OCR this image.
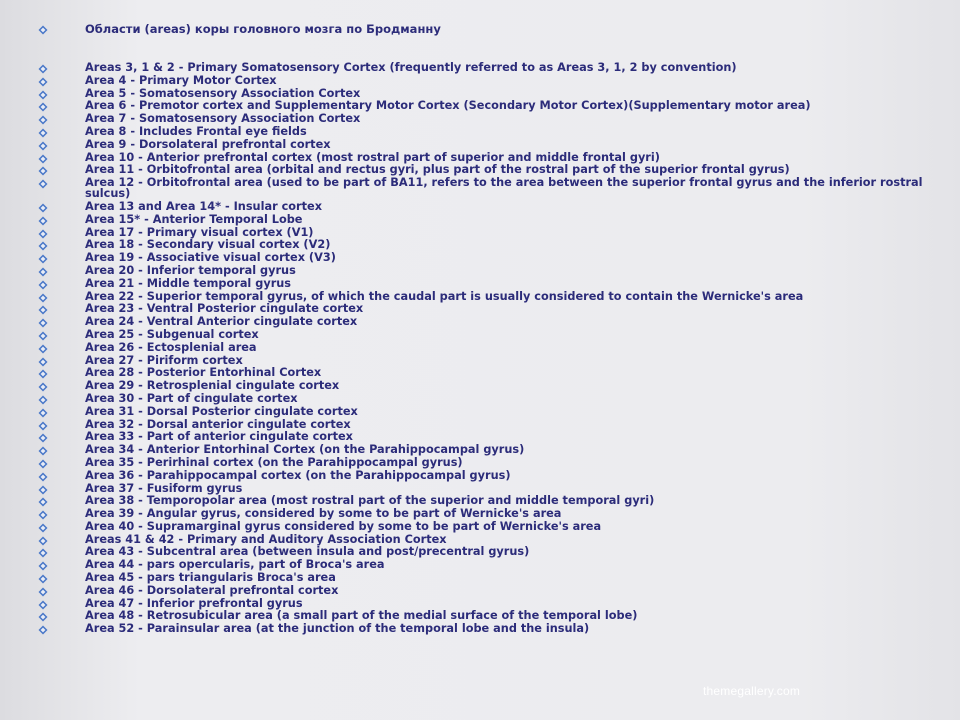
Области (areas) коры головного мозга по Бродманну
Areas 3, 1 & 2 - Primary Somatosensory Cortex (frequently referred to as Areas 3, 1, 2 by convention)
Area 4 - Primary Motor Cortex
Area 5 - Somatosensory Association Cortex
Area 6 - Premotor cortex and Supplementary Motor Cortex (Secondary Motor Cortex)(Supplementary motor area)
Area 7 - Somatosensory Association Cortex
Area 8 - Includes Frontal eye fields
Area 9 - Dorsolateral prefrontal cortex
Area 10 - Anterior prefrontal cortex (most rostral part of superior and middle frontal gyri)
Area 11 - Orbitofrontal area (orbital and rectus gyri, plus part of the rostral part of the superior frontal gyrus)
Area 12 - Orbitofrontal area (used to be part of BA11, refers to the area between the superior frontal gyrus and the inferior rostral sulcus)
Area 13 and Area 14* - Insular cortex
Area 15* - Anterior Temporal Lobe
Area 17 - Primary visual cortex (V1)
Area 18 - Secondary visual cortex (V2)
Area 19 - Associative visual cortex (V3)
Area 20 - Inferior temporal gyrus
Area 21 - Middle temporal gyrus
Area 22 - Superior temporal gyrus, of which the caudal part is usually considered to contain the Wernicke's area
Area 23 - Ventral Posterior cingulate cortex
Area 24 - Ventral Anterior cingulate cortex
Area 25 - Subgenual cortex
Area 26 - Ectosplenial area
Area 27 - Piriform cortex
Area 28 - Posterior Entorhinal Cortex
Area 29 - Retrosplenial cingulate cortex
Area 30 - Part of cingulate cortex
Area 31 - Dorsal Posterior cingulate cortex
Area 32 - Dorsal anterior cingulate cortex
Area 33 - Part of anterior cingulate cortex
Area 34 - Anterior Entorhinal Cortex (on the Parahippocampal gyrus)
Area 35 - Perirhinal cortex (on the Parahippocampal gyrus)
Area 36 - Parahippocampal cortex (on the Parahippocampal gyrus)
Area 37 - Fusiform gyrus
Area 38 - Temporopolar area (most rostral part of the superior and middle temporal gyri)
Area 39 - Angular gyrus, considered by some to be part of Wernicke's area
Area 40 - Supramarginal gyrus considered by some to be part of Wernicke's area
Areas 41 & 42 - Primary and Auditory Association Cortex
Area 43 - Subcentral area (between insula and post/precentral gyrus)
Area 44 - pars opercularis, part of Broca's area
Area 45 - pars triangularis Broca's area
Area 46 - Dorsolateral prefrontal cortex
Area 47 - Inferior prefrontal gyrus
Area 48 - Retrosubicular area (a small part of the medial surface of the temporal lobe)
Area 52 - Parainsular area (at the junction of the temporal lobe and the insula)
themegallery.com
